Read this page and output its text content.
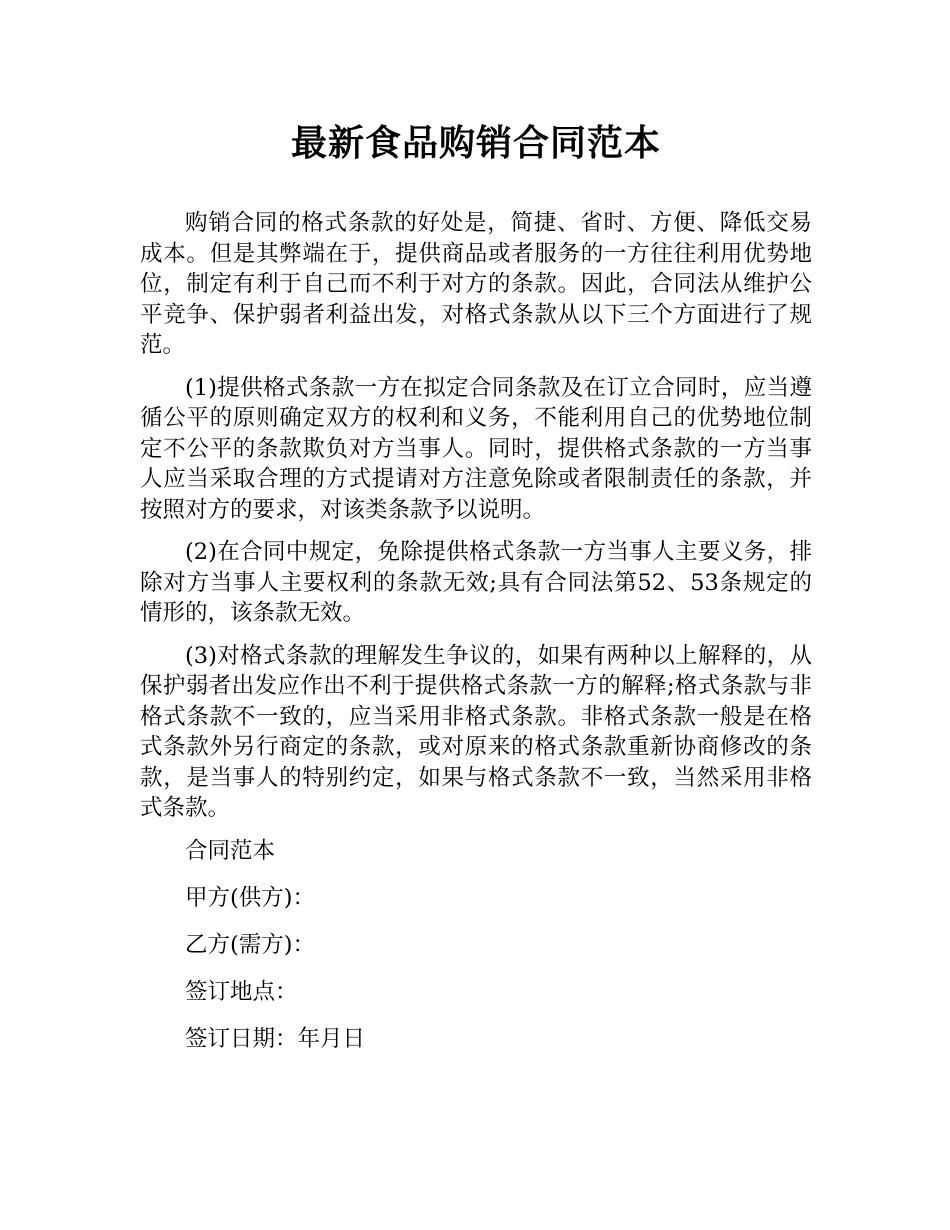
最新食品购销合同范本

购销合同的格式条款的好处是，简捷、省时、方便、降低交易成本。但是其弊端在于，提供商品或者服务的一方往往利用优势地位，制定有利于自己而不利于对方的条款。因此，合同法从维护公平竞争、保护弱者利益出发，对格式条款从以下三个方面进行了规范。

(1)提供格式条款一方在拟定合同条款及在订立合同时，应当遵循公平的原则确定双方的权利和义务，不能利用自己的优势地位制定不公平的条款欺负对方当事人。同时，提供格式条款的一方当事人应当采取合理的方式提请对方注意免除或者限制责任的条款，并按照对方的要求，对该类条款予以说明。

(2)在合同中规定，免除提供格式条款一方当事人主要义务，排除对方当事人主要权利的条款无效;具有合同法第52、53条规定的情形的，该条款无效。

(3)对格式条款的理解发生争议的，如果有两种以上解释的，从保护弱者出发应作出不利于提供格式条款一方的解释;格式条款与非格式条款不一致的，应当采用非格式条款。非格式条款一般是在格式条款外另行商定的条款，或对原来的格式条款重新协商修改的条款，是当事人的特别约定，如果与格式条款不一致，当然采用非格式条款。

合同范本

甲方(供方)：

乙方(需方)：

签订地点：

签订日期：年月日
